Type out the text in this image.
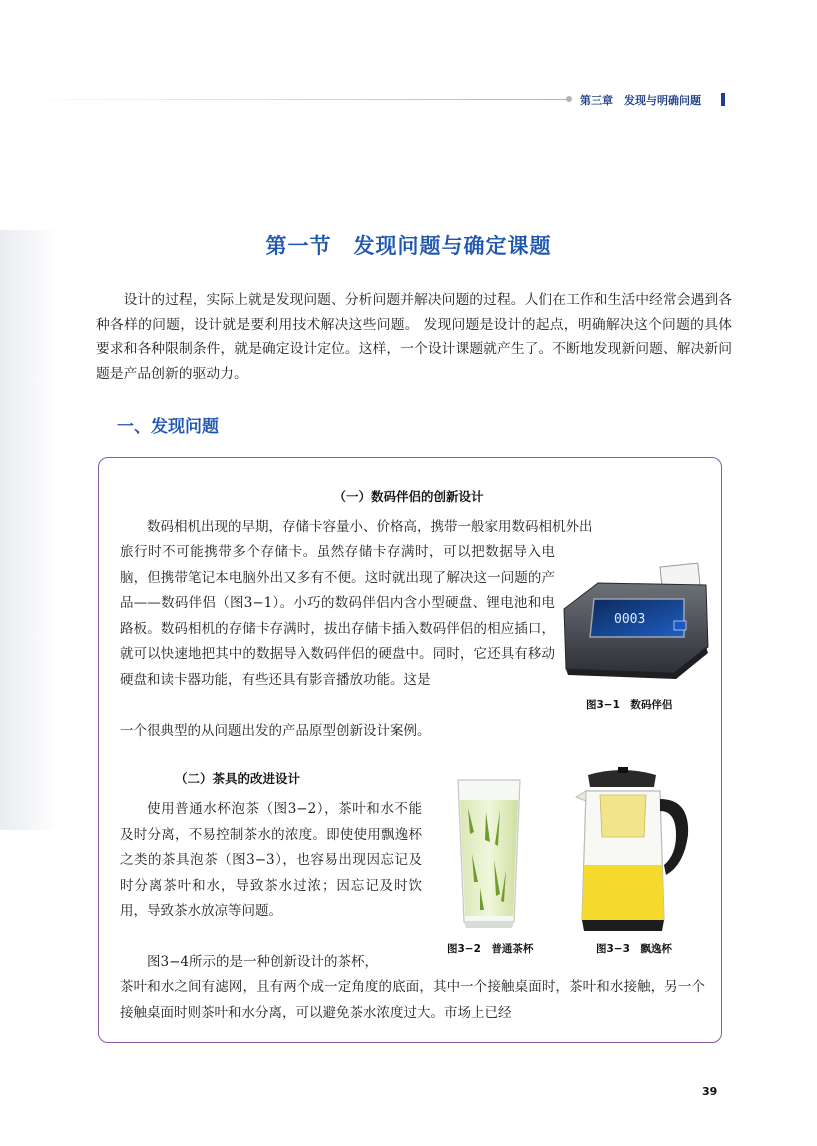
第三章　发现与明确问题
第一节　发现问题与确定课题

设计的过程，实际上就是发现问题、分析问题并解决问题的过程。人们在工作和生活中经常会遇到各种各样的问题，设计就是要利用技术解决这些问题。 发现问题是设计的起点，明确解决这个问题的具体要求和各种限制条件，就是确定设计定位。这样，一个设计课题就产生了。不断地发现新问题、解决新问题是产品创新的驱动力。

一、发现问题
（一）数码伴侣的创新设计

数码相机出现的早期，存储卡容量小、价格高，携带一般家用数码相机外出

旅行时不可能携带多个存储卡。虽然存储卡存满时，可以把数据导入电脑，但携带笔记本电脑外出又多有不便。这时就出现了解决这一问题的产品——数码伴侣（图3−1）。小巧的数码伴侣内含小型硬盘、锂电池和电路板。数码相机的存储卡存满时，拔出存储卡插入数码伴侣的相应插口，就可以快速地把其中的数据导入数码伴侣的硬盘中。同时，它还具有移动硬盘和读卡器功能，有些还具有影音播放功能。这是

一个很典型的从问题出发的产品原型创新设计案例。

0003
图3−1　数码伴侣
（二）茶具的改进设计

使用普通水杯泡茶（图3−2），茶叶和水不能及时分离，不易控制茶水的浓度。即使使用飘逸杯之类的茶具泡茶（图3−3），也容易出现因忘记及时分离茶叶和水，导致茶水过浓；因忘记及时饮用，导致茶水放凉等问题。

图3−4所示的是一种创新设计的茶杯，

茶叶和水之间有滤网，且有两个成一定角度的底面，其中一个接触桌面时，茶叶和水接触，另一个接触桌面时则茶叶和水分离，可以避免茶水浓度过大。市场上已经

图3−2　普通茶杯	图3−3　飘逸杯
39
